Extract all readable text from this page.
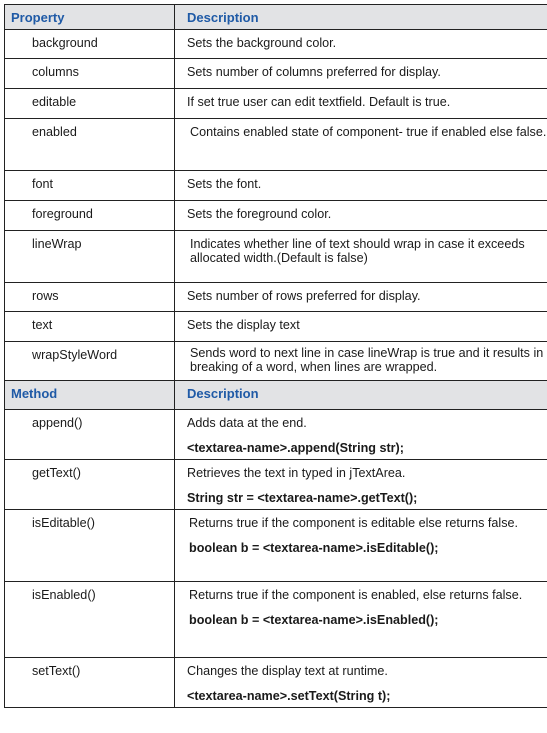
Property	Description
background	Sets the background color.
columns	Sets number of columns preferred for display.
editable	If set true user can edit textfield. Default is true.
enabled	Contains enabled state of component- true if enabled else false.
font	Sets the font.
foreground	Sets the foreground color.
lineWrap	Indicates whether line of text should wrap in case it exceeds allocated width.(Default is false)
rows	Sets number of rows preferred for display.
text	Sets the display text
wrapStyleWord	Sends word to next line in case lineWrap is true and it results in breaking of a word, when lines are wrapped.
Method	Description
append()	Adds data at the end.
<textarea-name>.append(String str);

getText()	Retrieves the text in typed in jTextArea.
String str = <textarea-name>.getText();

isEditable()	Returns true if the component is editable else returns false.
boolean b = <textarea-name>.isEditable();

isEnabled()	Returns true if the component is enabled, else returns false.
boolean b = <textarea-name>.isEnabled();

setText()	Changes the display text at runtime.
<textarea-name>.setText(String t);
